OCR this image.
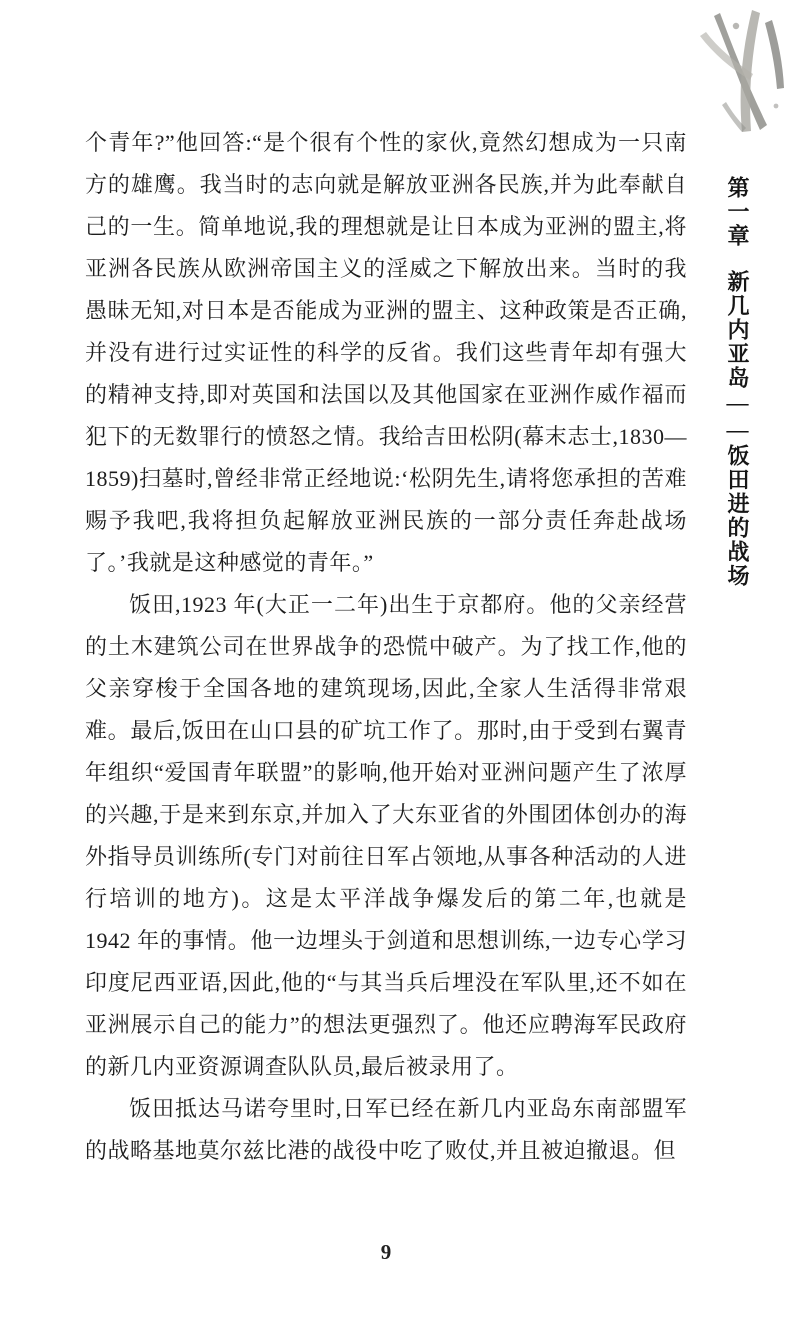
第一章新几内亚岛——饭田进的战场

个青年?”他回答:“是个很有个性的家伙,竟然幻想成为一只南方的雄鹰。我当时的志向就是解放亚洲各民族,并为此奉献自己的一生。简单地说,我的理想就是让日本成为亚洲的盟主,将亚洲各民族从欧洲帝国主义的淫威之下解放出来。当时的我愚昧无知,对日本是否能成为亚洲的盟主、这种政策是否正确,并没有进行过实证性的科学的反省。我们这些青年却有强大的精神支持,即对英国和法国以及其他国家在亚洲作威作福而犯下的无数罪行的愤怒之情。我给吉田松阴(幕末志士,1830—1859)扫墓时,曾经非常正经地说:‘松阴先生,请将您承担的苦难赐予我吧,我将担负起解放亚洲民族的一部分责任奔赴战场了。’我就是这种感觉的青年。”

饭田,1923 年(大正一二年)出生于京都府。他的父亲经营的土木建筑公司在世界战争的恐慌中破产。为了找工作,他的父亲穿梭于全国各地的建筑现场,因此,全家人生活得非常艰难。最后,饭田在山口县的矿坑工作了。那时,由于受到右翼青年组织“爱国青年联盟”的影响,他开始对亚洲问题产生了浓厚的兴趣,于是来到东京,并加入了大东亚省的外围团体创办的海外指导员训练所(专门对前往日军占领地,从事各种活动的人进行培训的地方)。这是太平洋战争爆发后的第二年,也就是 1942 年的事情。他一边埋头于剑道和思想训练,一边专心学习印度尼西亚语,因此,他的“与其当兵后埋没在军队里,还不如在亚洲展示自己的能力”的想法更强烈了。他还应聘海军民政府的新几内亚资源调查队队员,最后被录用了。

饭田抵达马诺夸里时,日军已经在新几内亚岛东南部盟军的战略基地莫尔兹比港的战役中吃了败仗,并且被迫撤退。但

9
